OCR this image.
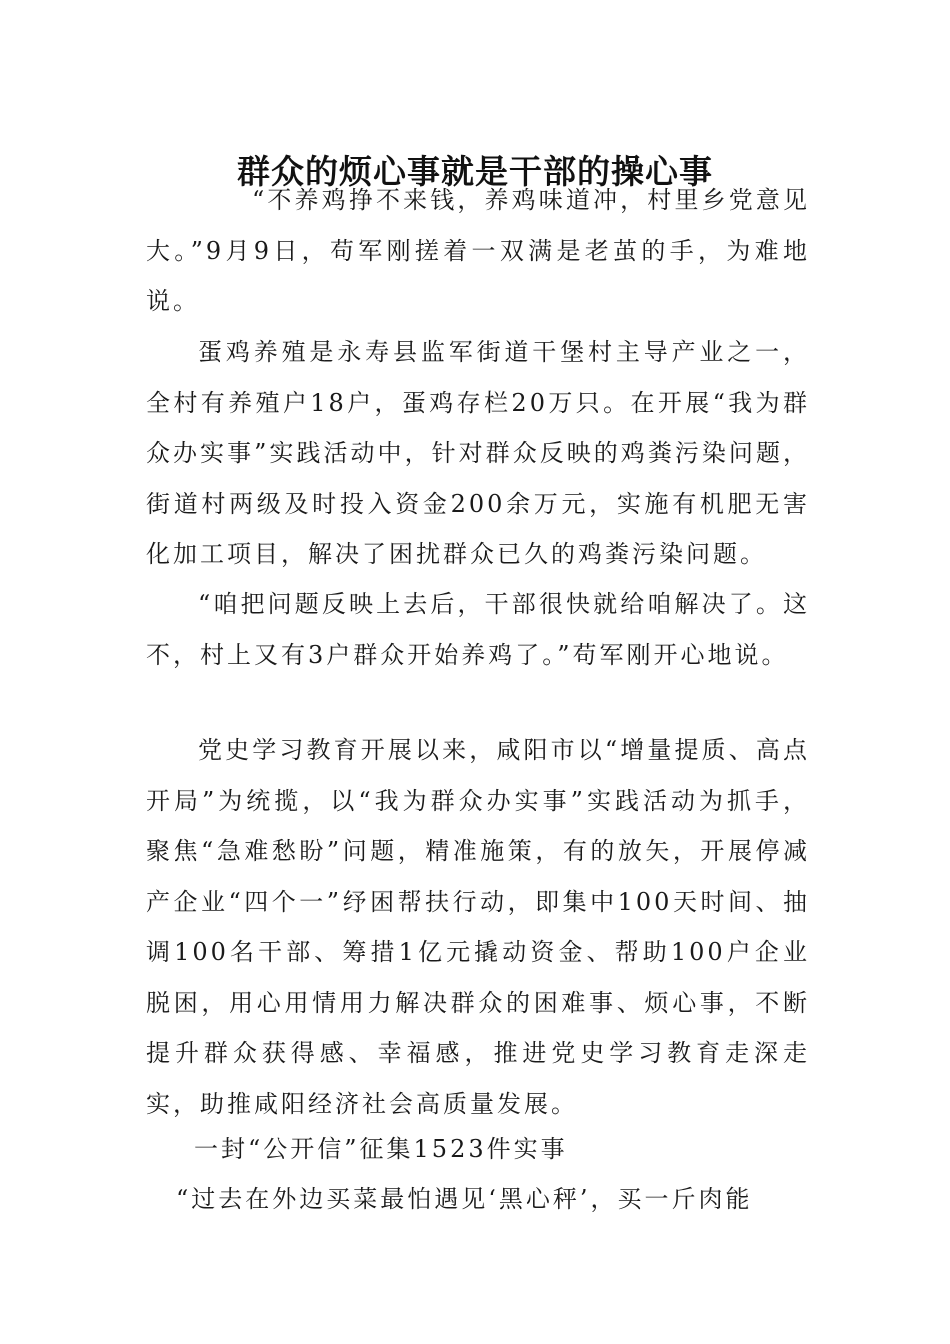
群众的烦心事就是干部的操心事

“不养鸡挣不来钱，养鸡味道冲，村里乡党意见大。”9月9日，苟军刚搓着一双满是老茧的手，为难地说。

蛋鸡养殖是永寿县监军街道干堡村主导产业之一，全村有养殖户18户，蛋鸡存栏20万只。在开展“我为群众办实事”实践活动中，针对群众反映的鸡粪污染问题，街道村两级及时投入资金200余万元，实施有机肥无害化加工项目，解决了困扰群众已久的鸡粪污染问题。

“咱把问题反映上去后，干部很快就给咱解决了。这不，村上又有3户群众开始养鸡了。”苟军刚开心地说。

党史学习教育开展以来，咸阳市以“增量提质、高点开局”为统揽，以“我为群众办实事”实践活动为抓手，聚焦“急难愁盼”问题，精准施策，有的放矢，开展停减产企业“四个一”纾困帮扶行动，即集中100天时间、抽调100名干部、筹措1亿元撬动资金、帮助100户企业脱困，用心用情用力解决群众的困难事、烦心事，不断提升群众获得感、幸福感，推进党史学习教育走深走实，助推咸阳经济社会高质量发展。

一封“公开信”征集1523件实事

“过去在外边买菜最怕遇见‘黑心秤’，买一斤肉能
